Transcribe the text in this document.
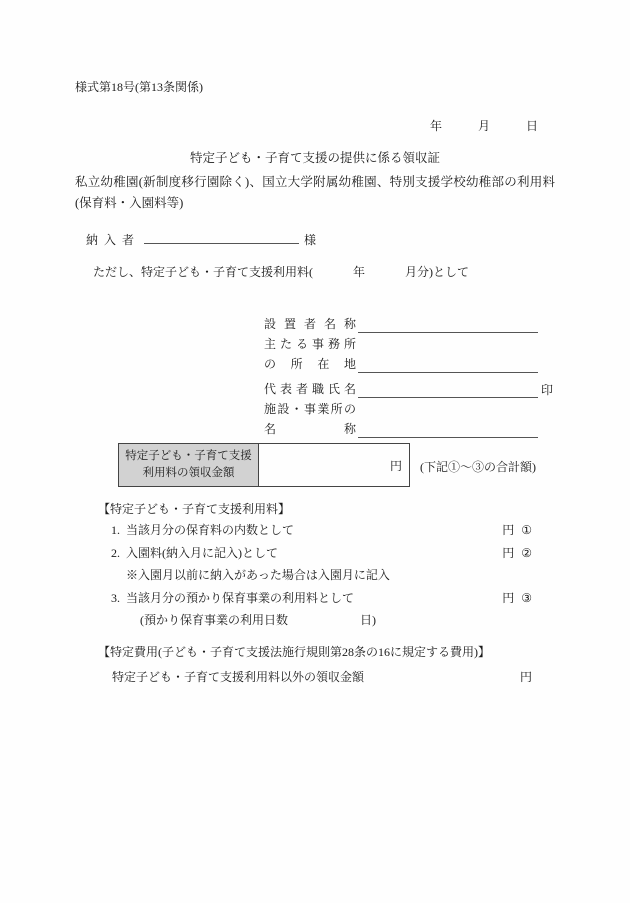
様式第18号(第13条関係)
年	月	日
特定子ども・子育て支援の提供に係る領収証
私立幼稚園(新制度移行園除く)、国立大学附属幼稚園、特別支援学校幼稚部の利用料(保育料・入園料等)
納入者	様
ただし、特定子ども・子育て支援利用料(	年	月分)として
設置者名称
主たる事務所
の所在地
代表者職氏名	印
施設・事業所の
名称
特定子ども・子育て支援
利用料の領収金額
円 (下記①～③の合計額)
【特定子ども・子育て支援利用料】
1. 当該月分の保育料の内数として	円 ①
2. 入園料(納入月に記入)として	円 ②
※入園月以前に納入があった場合は入園月に記入
3. 当該月分の預かり保育事業の利用料として	円 ③
(預かり保育事業の利用日数	日)
【特定費用(子ども・子育て支援法施行規則第28条の16に規定する費用)】
特定子ども・子育て支援利用料以外の領収金額	円
